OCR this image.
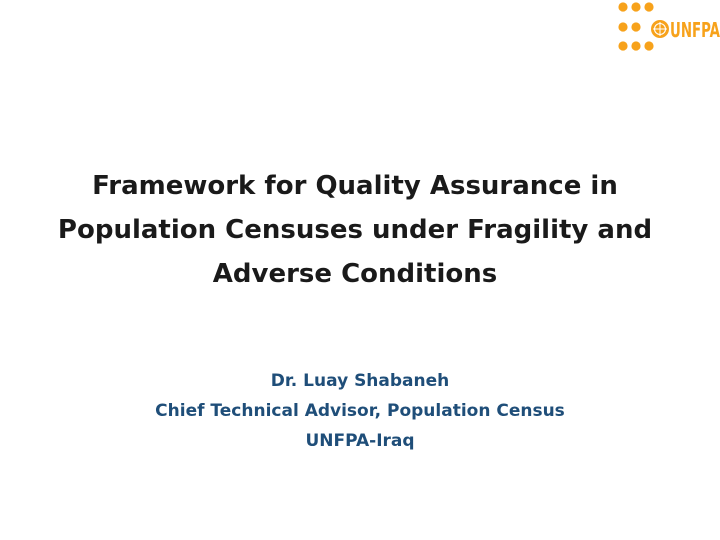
UNFPA
Framework for Quality Assurance in
Population Censuses under Fragility and
Adverse Conditions
Dr. Luay Shabaneh
Chief Technical Advisor, Population Census
UNFPA-Iraq
